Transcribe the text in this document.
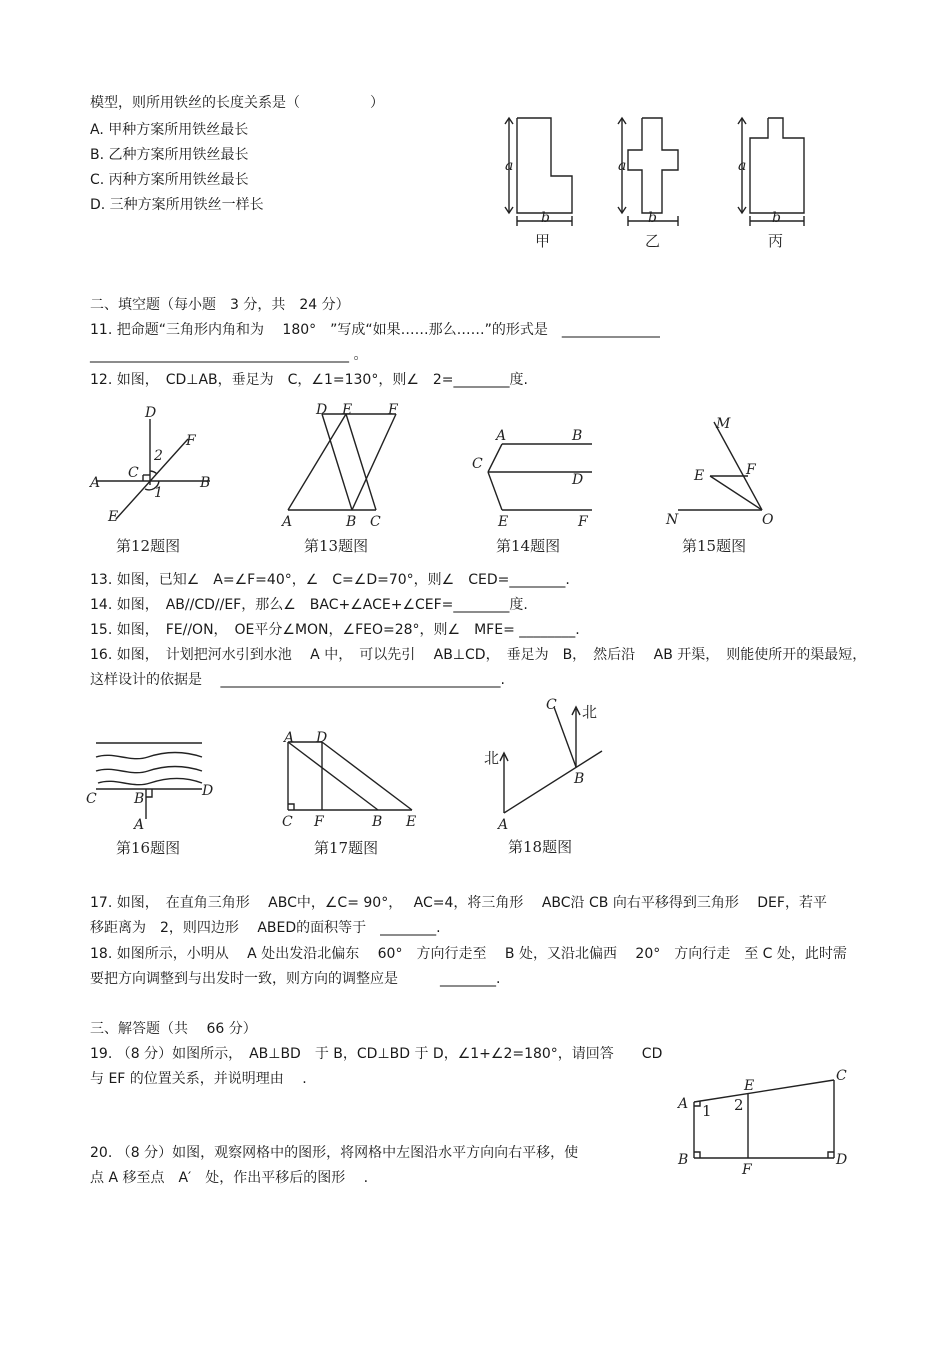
模型，则所用铁丝的长度关系是（　　　　　）
A. 甲种方案所用铁丝最长
B. 乙种方案所用铁丝最长
C. 丙种方案所用铁丝最长
D. 三种方案所用铁丝一样长
a
b
甲
a
b
乙
a
b
丙
二、填空题（每小题　3 分，共　24 分）
11. 把命题“三角形内角和为　 180°　”写成“如果……那么……”的形式是　______________
_____________________________________ 。
12. 如图，　CD⊥AB，垂足为　C，∠1=130°，则∠　2=________度.
D
2
F
C
A
1
B
E
第12题图
D E	F
A	B C
第13题图
A	B
C
D
E	F
第14题图
M
E	F
N	O
第15题图
13. 如图，已知∠　A=∠F=40°，∠　C=∠D=70°，则∠　CED=________.
14. 如图，　AB//CD//EF，那么∠　BAC+∠ACE+∠CEF=________度.
15. 如图，　FE//ON，　OE平分∠MON，∠FEO=28°，则∠　MFE= ________.
16. 如图，　计划把河水引到水池　 A 中，　可以先引　 AB⊥CD，　垂足为　B，　然后沿　 AB 开渠，　则能使所开的渠最短，
这样设计的依据是　 ________________________________________.
C	B	D
A
第16题图
A D
C F	B E
第17题图
C 北
北
B
A
第18题图
17. 如图，　在直角三角形　 ABC中，∠C= 90°，　 AC=4，将三角形　 ABC沿 CB 向右平移得到三角形　 DEF，若平
移距离为　2，则四边形　 ABED的面积等于　________.
18. 如图所示，小明从　 A 处出发沿北偏东　 60°　方向行走至　 B 处，又沿北偏西　 20°　方向行走　至 C 处，此时需
要把方向调整到与出发时一致，则方向的调整应是　　　________.
三、解答题（共　 66 分）
19. （8 分）如图所示，　AB⊥BD　于 B，CD⊥BD 于 D，∠1+∠2=180°，请回答　　CD
与 EF 的位置关系，并说明理由　 .	E
C
A 1 2
B
F
D
20. （8 分）如图，观察网格中的图形，将网格中左图沿水平方向向右平移，使
点 A 移至点　A′　处，作出平移后的图形　 .
